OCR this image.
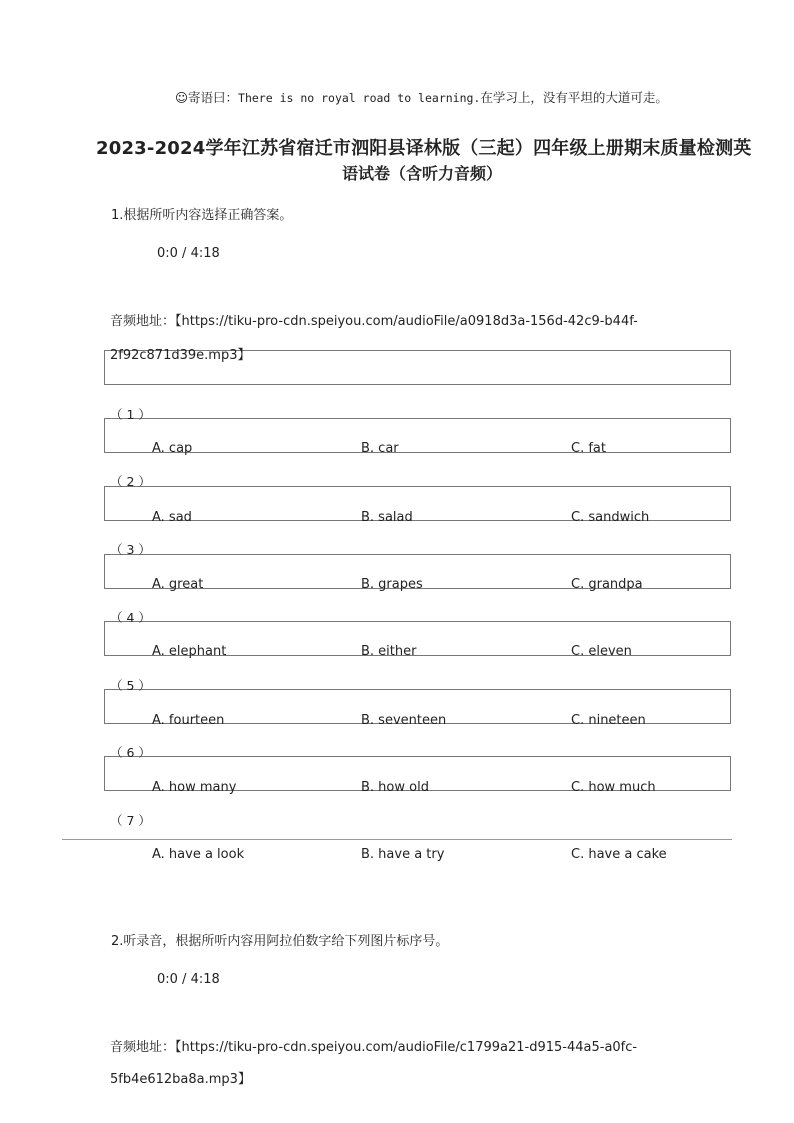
☺寄语曰：There is no royal road to learning.在学习上，没有平坦的大道可走。
2023-2024学年江苏省宿迁市泗阳县译林版（三起）四年级上册期末质量检测英
语试卷（含听力音频）
1.根据所听内容选择正确答案。
0:0 / 4:18
音频地址：【https://tiku-pro-cdn.speiyou.com/audioFile/a0918d3a-156d-42c9-b44f-
2f92c871d39e.mp3】
（ 1 ）
A. cap	B. car	C. fat
（ 2 ）
A. sad	B. salad	C. sandwich
（ 3 ）
A. great	B. grapes	C. grandpa
（ 4 ）
A. elephant	B. either	C. eleven
（ 5 ）
A. fourteen	B. seventeen	C. nineteen
（ 6 ）
A. how many	B. how old	C. how much
（ 7 ）
A. have a look	B. have a try	C. have a cake
2.听录音，根据所听内容用阿拉伯数字给下列图片标序号。
0:0 / 4:18
音频地址：【https://tiku-pro-cdn.speiyou.com/audioFile/c1799a21-d915-44a5-a0fc-
5fb4e612ba8a.mp3】
